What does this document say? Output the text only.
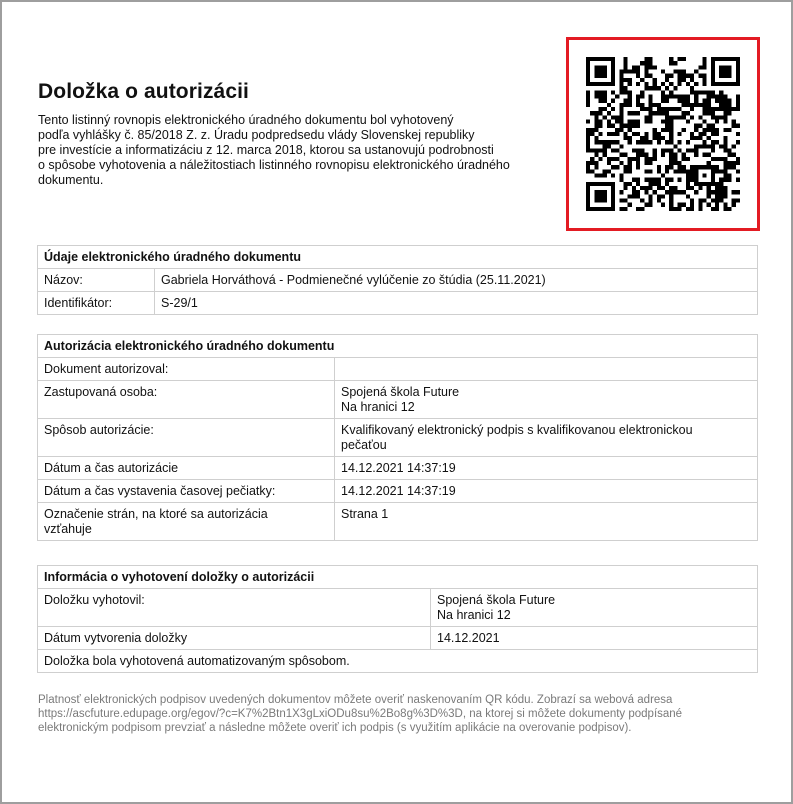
Doložka o autorizácii
Tento listinný rovnopis elektronického úradného dokumentu bol vyhotovený
podľa vyhlášky č. 85/2018 Z. z. Úradu podpredsedu vlády Slovenskej republiky
pre investície a informatizáciu z 12. marca 2018, ktorou sa ustanovujú podrobnosti
o spôsobe vyhotovenia a náležitostiach listinného rovnopisu elektronického úradného
dokumentu.
Údaje elektronického úradného dokumentu	
Názov:	Gabriela Horváthová - Podmienečné vylúčenie zo štúdia (25.11.2021)
Identifikátor:	S-29/1
Autorizácia elektronického úradného dokumentu	
Dokument autorizoval:	
Zastupovaná osoba:	Spojená škola Future
Na hranici 12
Spôsob autorizácie:	Kvalifikovaný elektronický podpis s kvalifikovanou elektronickou
pečaťou
Dátum a čas autorizácie	14.12.2021 14:37:19
Dátum a čas vystavenia časovej pečiatky:	14.12.2021 14:37:19
Označenie strán, na ktoré sa autorizácia
vzťahuje	Strana 1
Informácia o vyhotovení doložky o autorizácii	
Doložku vyhotovil:	Spojená škola Future
Na hranici 12
Dátum vytvorenia doložky	14.12.2021
Doložka bola vyhotovená automatizovaným spôsobom.	
Platnosť elektronických podpisov uvedených dokumentov môžete overiť naskenovaním QR kódu. Zobrazí sa webová adresa
https://ascfuture.edupage.org/egov/?c=K7%2Btn1X3gLxiODu8su%2Bo8g%3D%3D, na ktorej si môžete dokumenty podpísané
elektronickým podpisom prevziať a následne môžete overiť ich podpis (s využitím aplikácie na overovanie podpisov).
